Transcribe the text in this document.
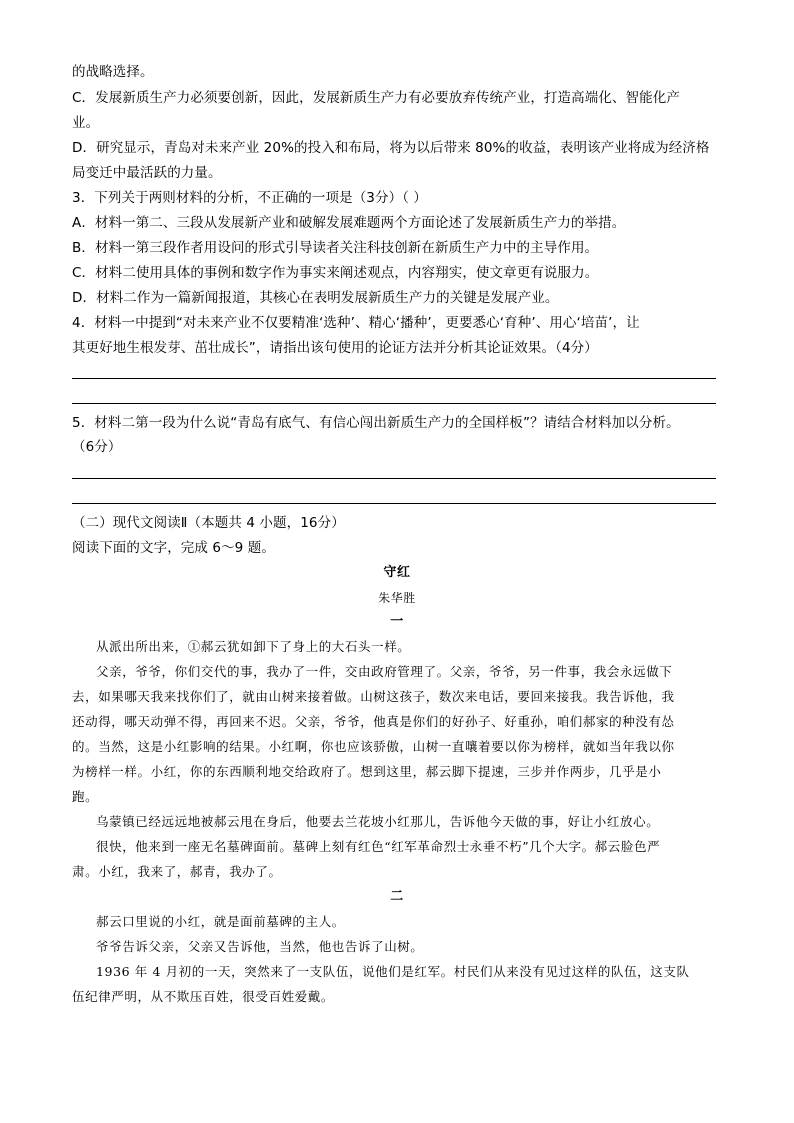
的战略选择。
C．发展新质生产力必须要创新，因此，发展新质生产力有必要放弃传统产业，打造高端化、智能化产
业。
D．研究显示，青岛对未来产业 20%的投入和布局，将为以后带来 80%的收益，表明该产业将成为经济格
局变迁中最活跃的力量。
3．下列关于两则材料的分析，不正确的一项是（3分）（ ）
A．材料一第二、三段从发展新产业和破解发展难题两个方面论述了发展新质生产力的举措。
B．材料一第三段作者用设问的形式引导读者关注科技创新在新质生产力中的主导作用。
C．材料二使用具体的事例和数字作为事实来阐述观点，内容翔实，使文章更有说服力。
D．材料二作为一篇新闻报道，其核心在表明发展新质生产力的关键是发展产业。
4．材料一中提到“对未来产业不仅要精准‘选种’、精心‘播种’，更要悉心‘育种’、用心‘培苗’，让
其更好地生根发芽、茁壮成长”，请指出该句使用的论证方法并分析其论证效果。（4分）
5．材料二第一段为什么说“青岛有底气、有信心闯出新质生产力的全国样板”？请结合材料加以分析。
（6分）
（二）现代文阅读Ⅱ（本题共 4 小题，16分）
阅读下面的文字，完成 6～9 题。
守红
朱华胜
一
从派出所出来，①郝云犹如卸下了身上的大石头一样。
父亲，爷爷，你们交代的事，我办了一件，交由政府管理了。父亲，爷爷，另一件事，我会永远做下
去，如果哪天我来找你们了，就由山树来接着做。山树这孩子，数次来电话，要回来接我。我告诉他，我
还动得，哪天动弹不得，再回来不迟。父亲，爷爷，他真是你们的好孙子、好重孙，咱们郝家的种没有怂
的。当然，这是小红影响的结果。小红啊，你也应该骄傲，山树一直嚷着要以你为榜样，就如当年我以你
为榜样一样。小红，你的东西顺利地交给政府了。想到这里，郝云脚下提速，三步并作两步，几乎是小
跑。
乌蒙镇已经远远地被郝云甩在身后，他要去兰花坡小红那儿，告诉他今天做的事，好让小红放心。
很快，他来到一座无名墓碑面前。墓碑上刻有红色“红军革命烈士永垂不朽”几个大字。郝云脸色严
肃。小红，我来了，郝青，我办了。
二
郝云口里说的小红，就是面前墓碑的主人。
爷爷告诉父亲，父亲又告诉他，当然，他也告诉了山树。
1936 年 4 月初的一天，突然来了一支队伍，说他们是红军。村民们从来没有见过这样的队伍，这支队
伍纪律严明，从不欺压百姓，很受百姓爱戴。
